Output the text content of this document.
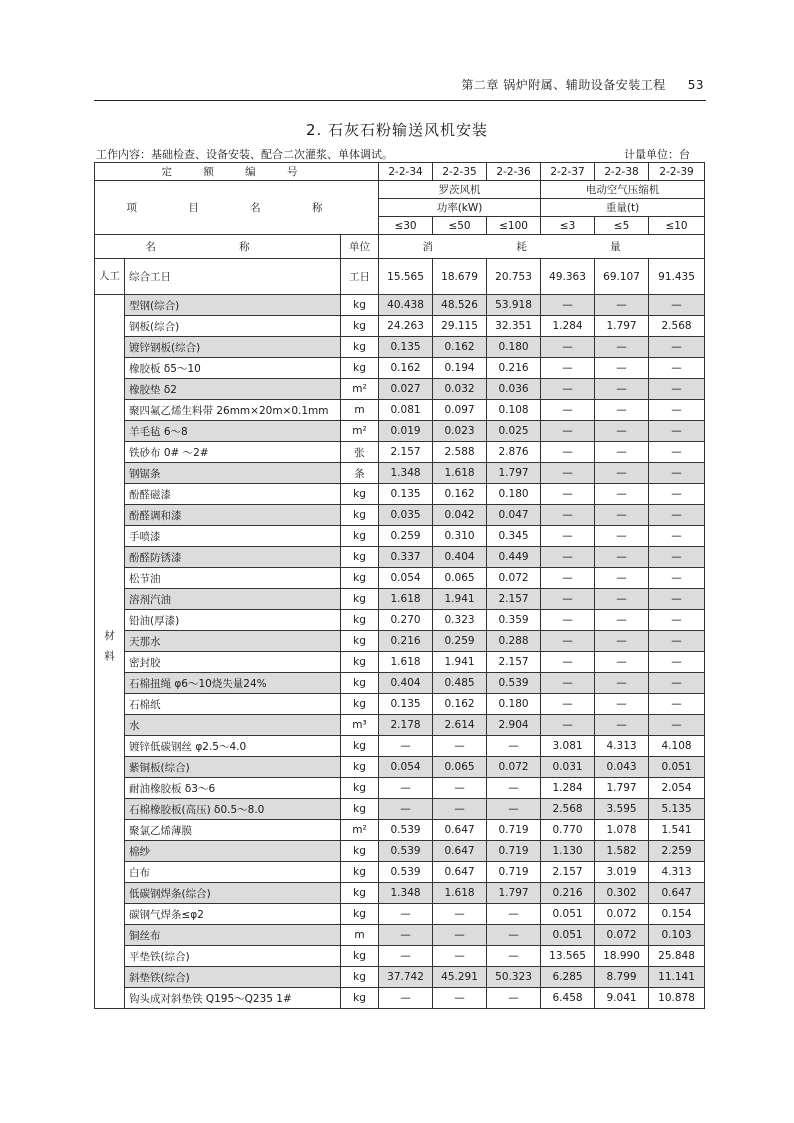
第二章 锅炉附属、辅助设备安装工程 53
2. 石灰石粉输送风机安装
工作内容：基础检查、设备安装、配合二次灌浆、单体调试。	计量单位：台
定 额 编 号			2-2-34	2-2-35	2-2-36	2-2-37	2-2-38	2-2-39
项 目 名 称			罗茨风机			电动空气压缩机		
			功率(kW)			重量(t)		
			≤30	≤50	≤100	≤3	≤5	≤10
名 称		单位	消 耗 量					
人工	综合工日	工日	15.565	18.679	20.753	49.363	69.107	91.435
材料	型钢(综合)	kg	40.438	48.526	53.918	—	—	—
	钢板(综合)	kg	24.263	29.115	32.351	1.284	1.797	2.568
	镀锌钢板(综合)	kg	0.135	0.162	0.180	—	—	—
	橡胶板 δ5～10	kg	0.162	0.194	0.216	—	—	—
	橡胶垫 δ2	m²	0.027	0.032	0.036	—	—	—
	聚四氟乙烯生料带 26mm×20m×0.1mm	m	0.081	0.097	0.108	—	—	—
	羊毛毡 6～8	m²	0.019	0.023	0.025	—	—	—
	铁砂布 0# ～2#	张	2.157	2.588	2.876	—	—	—
	钢锯条	条	1.348	1.618	1.797	—	—	—
	酚醛磁漆	kg	0.135	0.162	0.180	—	—	—
	酚醛调和漆	kg	0.035	0.042	0.047	—	—	—
	手喷漆	kg	0.259	0.310	0.345	—	—	—
	酚醛防锈漆	kg	0.337	0.404	0.449	—	—	—
	松节油	kg	0.054	0.065	0.072	—	—	—
	溶剂汽油	kg	1.618	1.941	2.157	—	—	—
	铅油(厚漆)	kg	0.270	0.323	0.359	—	—	—
	天那水	kg	0.216	0.259	0.288	—	—	—
	密封胶	kg	1.618	1.941	2.157	—	—	—
	石棉扭绳 φ6～10烧失量24%	kg	0.404	0.485	0.539	—	—	—
	石棉纸	kg	0.135	0.162	0.180	—	—	—
	水	m³	2.178	2.614	2.904	—	—	—
	镀锌低碳钢丝 φ2.5～4.0	kg	—	—	—	3.081	4.313	4.108
	紫铜板(综合)	kg	0.054	0.065	0.072	0.031	0.043	0.051
	耐油橡胶板 δ3～6	kg	—	—	—	1.284	1.797	2.054
	石棉橡胶板(高压) δ0.5～8.0	kg	—	—	—	2.568	3.595	5.135
	聚氯乙烯薄膜	m²	0.539	0.647	0.719	0.770	1.078	1.541
	棉纱	kg	0.539	0.647	0.719	1.130	1.582	2.259
	白布	kg	0.539	0.647	0.719	2.157	3.019	4.313
	低碳钢焊条(综合)	kg	1.348	1.618	1.797	0.216	0.302	0.647
	碳钢气焊条≤φ2	kg	—	—	—	0.051	0.072	0.154
	铜丝布	m	—	—	—	0.051	0.072	0.103
	平垫铁(综合)	kg	—	—	—	13.565	18.990	25.848
	斜垫铁(综合)	kg	37.742	45.291	50.323	6.285	8.799	11.141
	钩头成对斜垫铁 Q195～Q235 1#	kg	—	—	—	6.458	9.041	10.878
